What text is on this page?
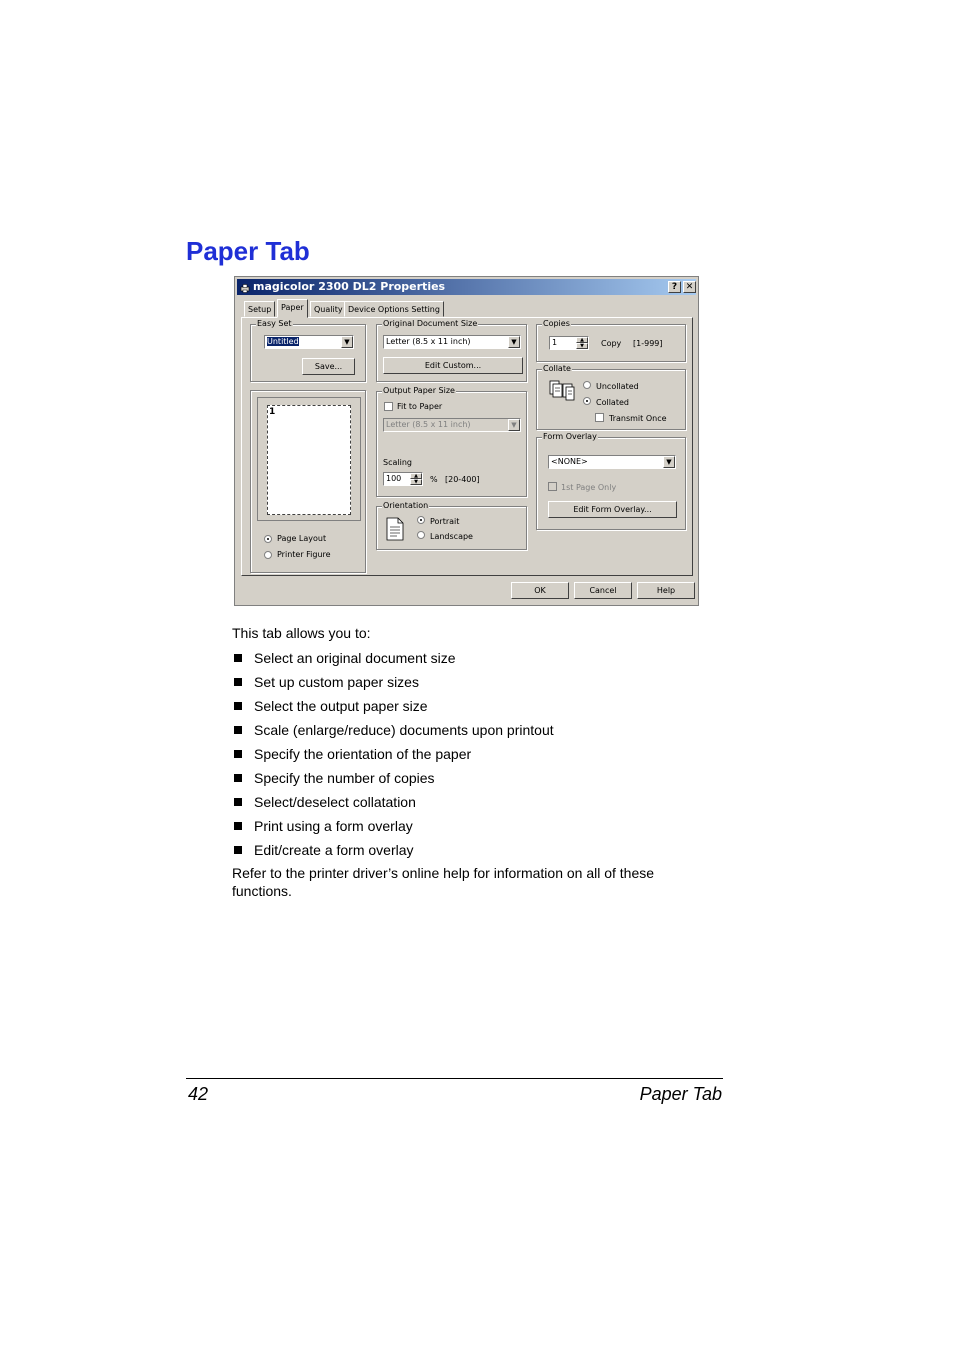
Paper Tab
magicolor 2300 DL2 Properties	? ✕
Setup	Paper	Quality Device Options Setting
Easy Set
Untitled	▼
Save...
1
Page Layout
Printer Figure
Original Document Size
Letter (8.5 x 11 inch)	▼
Edit Custom...
Output Paper Size
Fit to Paper
Letter (8.5 x 11 inch)	▼
Scaling
100	▲
▼	% [20-400]
Orientation
Portrait
Landscape
Copies
1	▲
▼	Copy [1-999]
Collate
Uncollated
Collated
Transmit Once
Form Overlay
<NONE>	▼
1st Page Only
Edit Form Overlay...
OK	Cancel	Help
This tab allows you to:
Select an original document size
Set up custom paper sizes
Select the output paper size
Scale (enlarge/reduce) documents upon printout
Specify the orientation of the paper
Specify the number of copies
Select/deselect collatation
Print using a form overlay
Edit/create a form overlay
Refer to the printer driver’s online help for information on all of these functions.
42	Paper Tab
